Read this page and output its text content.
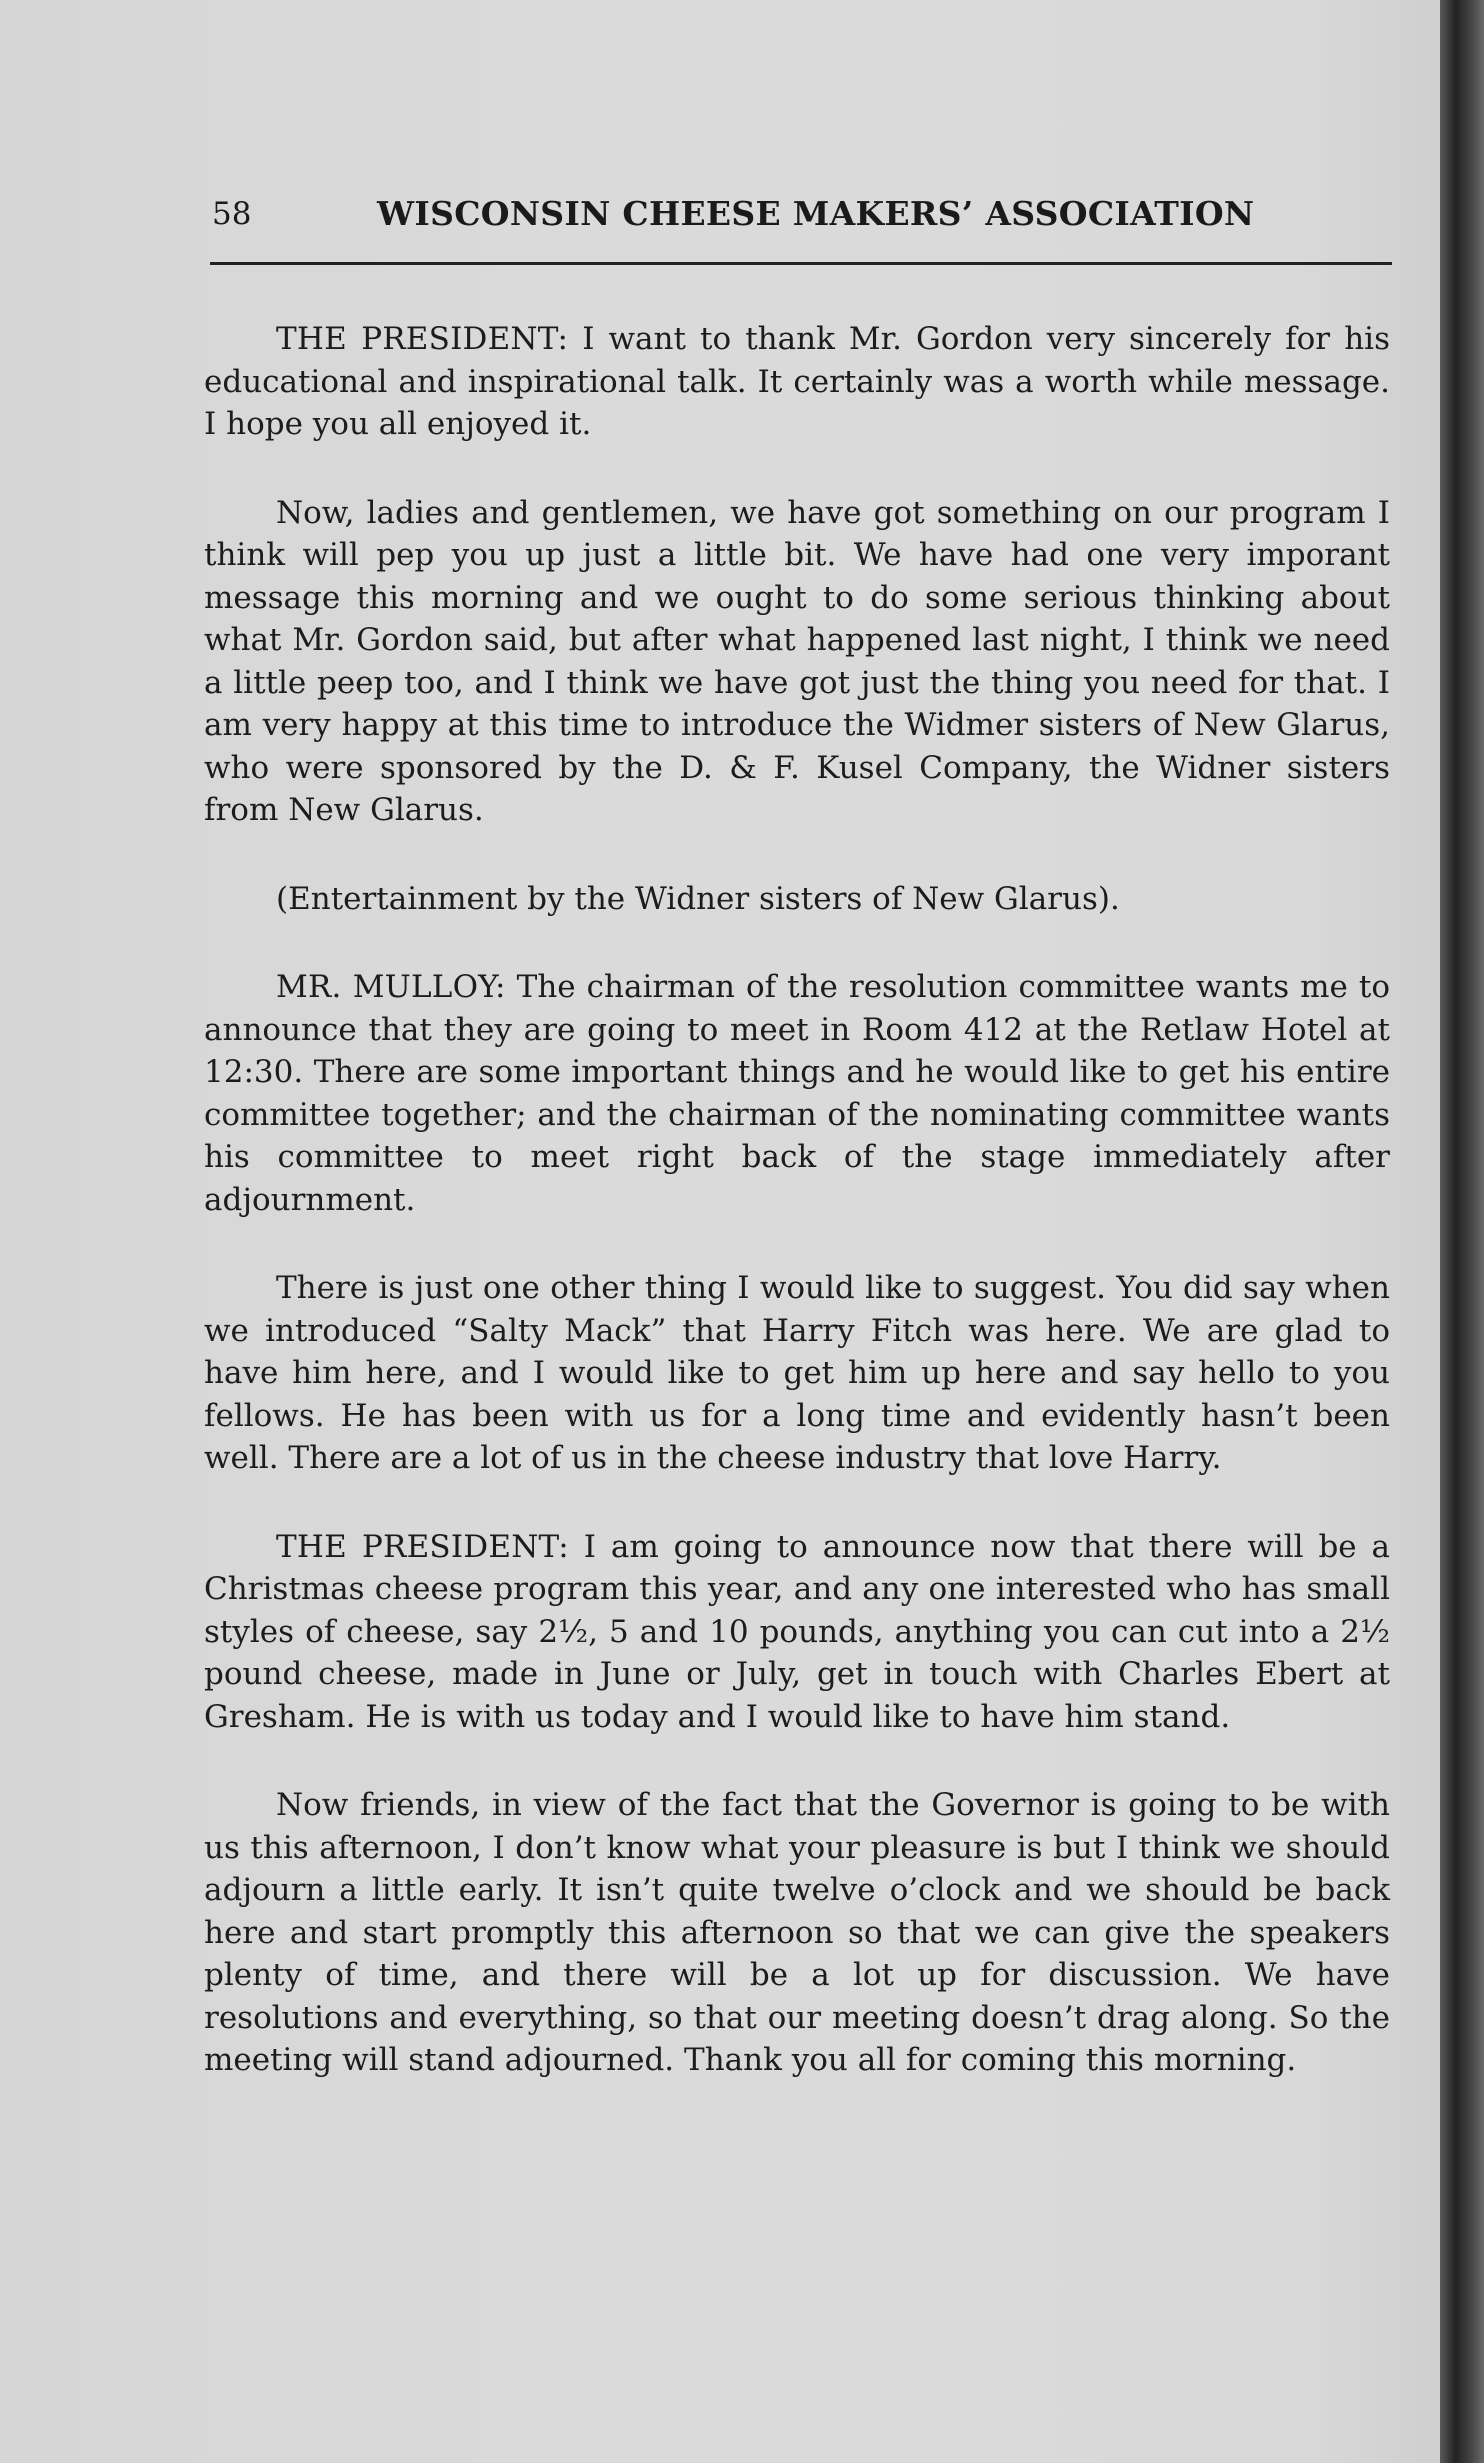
58	WISCONSIN CHEESE MAKERS’ ASSOCIATION

THE PRESIDENT: I want to thank Mr. Gordon very sincerely for his educational and inspirational talk. It certainly was a worth while message. I hope you all enjoyed it.

Now, ladies and gentlemen, we have got something on our program I think will pep you up just a little bit. We have had one very imporant message this morning and we ought to do some serious thinking about what Mr. Gordon said, but after what happened last night, I think we need a little peep too, and I think we have got just the thing you need for that. I am very happy at this time to introduce the Widmer sisters of New Glarus, who were sponsored by the D. & F. Kusel Company, the Widner sisters from New Glarus.

(Entertainment by the Widner sisters of New Glarus).

MR. MULLOY: The chairman of the resolution committee wants me to announce that they are going to meet in Room 412 at the Retlaw Hotel at 12:30. There are some important things and he would like to get his entire committee together; and the chairman of the nominating committee wants his committee to meet right back of the stage immediately after adjournment.

There is just one other thing I would like to suggest. You did say when we introduced “Salty Mack” that Harry Fitch was here. We are glad to have him here, and I would like to get him up here and say hello to you fellows. He has been with us for a long time and evidently hasn’t been well. There are a lot of us in the cheese industry that love Harry.

THE PRESIDENT: I am going to announce now that there will be a Christmas cheese program this year, and any one interested who has small styles of cheese, say 2½, 5 and 10 pounds, anything you can cut into a 2½ pound cheese, made in June or July, get in touch with Charles Ebert at Gresham. He is with us today and I would like to have him stand.

Now friends, in view of the fact that the Governor is going to be with us this afternoon, I don’t know what your pleasure is but I think we should adjourn a little early. It isn’t quite twelve o’clock and we should be back here and start promptly this afternoon so that we can give the speakers plenty of time, and there will be a lot up for discussion. We have resolutions and everything, so that our meeting doesn’t drag along. So the meeting will stand adjourned. Thank you all for coming this morning.
